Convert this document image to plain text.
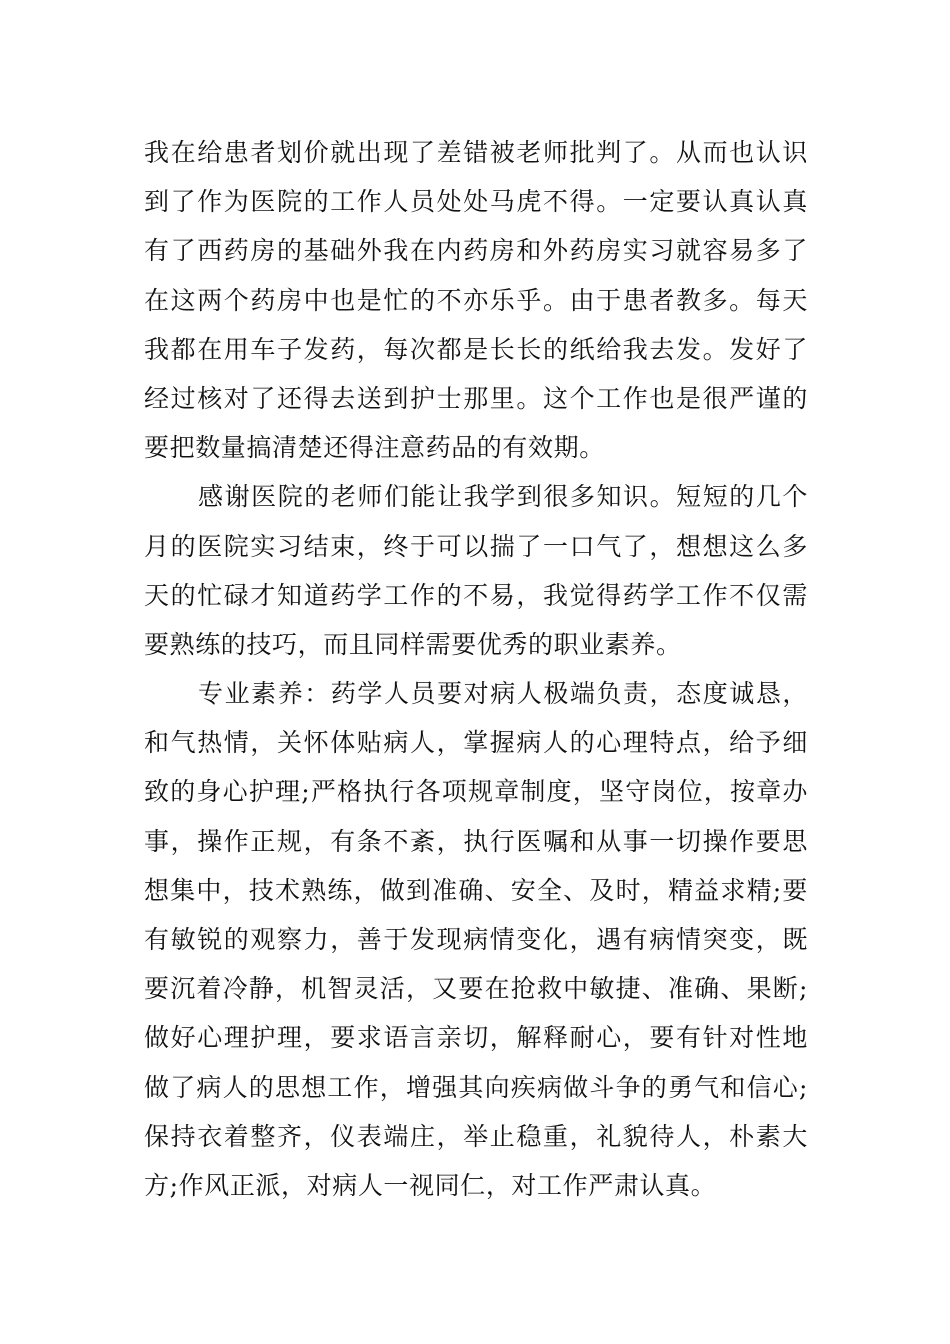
我在给患者划价就出现了差错被老师批判了。从而也认识
到了作为医院的工作人员处处马虎不得。一定要认真认真
有了西药房的基础外我在内药房和外药房实习就容易多了
在这两个药房中也是忙的不亦乐乎。由于患者教多。每天
我都在用车子发药，每次都是长长的纸给我去发。发好了
经过核对了还得去送到护士那里。这个工作也是很严谨的
要把数量搞清楚还得注意药品的有效期。
感谢医院的老师们能让我学到很多知识。短短的几个
月的医院实习结束，终于可以揣了一口气了，想想这么多
天的忙碌才知道药学工作的不易，我觉得药学工作不仅需
要熟练的技巧，而且同样需要优秀的职业素养。
专业素养：药学人员要对病人极端负责，态度诚恳，
和气热情，关怀体贴病人，掌握病人的心理特点，给予细
致的身心护理;严格执行各项规章制度，坚守岗位，按章办
事，操作正规，有条不紊，执行医嘱和从事一切操作要思
想集中，技术熟练，做到准确、安全、及时，精益求精;要
有敏锐的观察力，善于发现病情变化，遇有病情突变，既
要沉着冷静，机智灵活，又要在抢救中敏捷、准确、果断;
做好心理护理，要求语言亲切，解释耐心，要有针对性地
做了病人的思想工作，增强其向疾病做斗争的勇气和信心;
保持衣着整齐，仪表端庄，举止稳重，礼貌待人，朴素大
方;作风正派，对病人一视同仁，对工作严肃认真。
